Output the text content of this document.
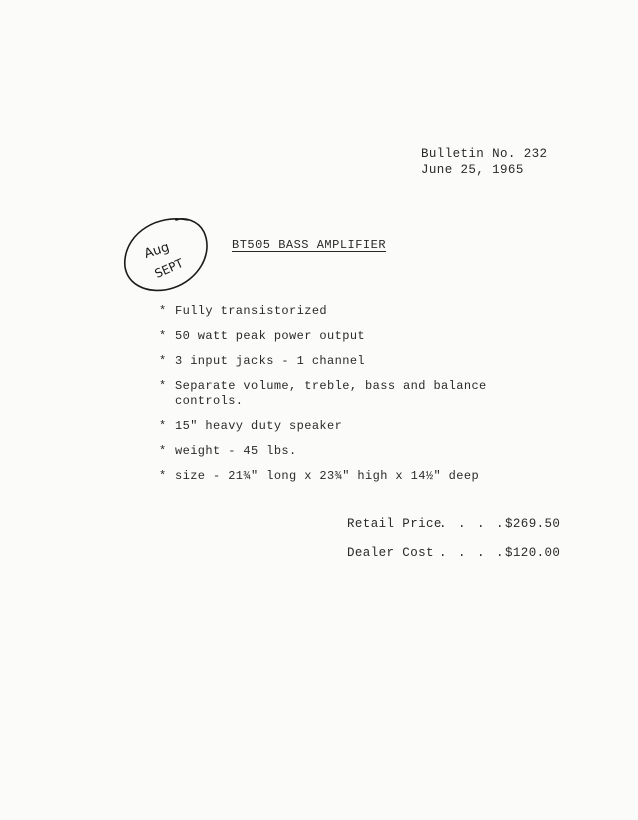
Bulletin No. 232
June 25, 1965
Aug
SEPT
BT505 BASS AMPLIFIER
* Fully transistorized
* 50 watt peak power output
* 3 input jacks - 1 channel
* Separate volume, treble, bass and balance
controls.
* 15" heavy duty speaker
* weight - 45 lbs.
* size - 21¾" long x 23¾" high x 14½" deep
Retail Price
. . . . $269.50
Dealer Cost . . . . $120.00
